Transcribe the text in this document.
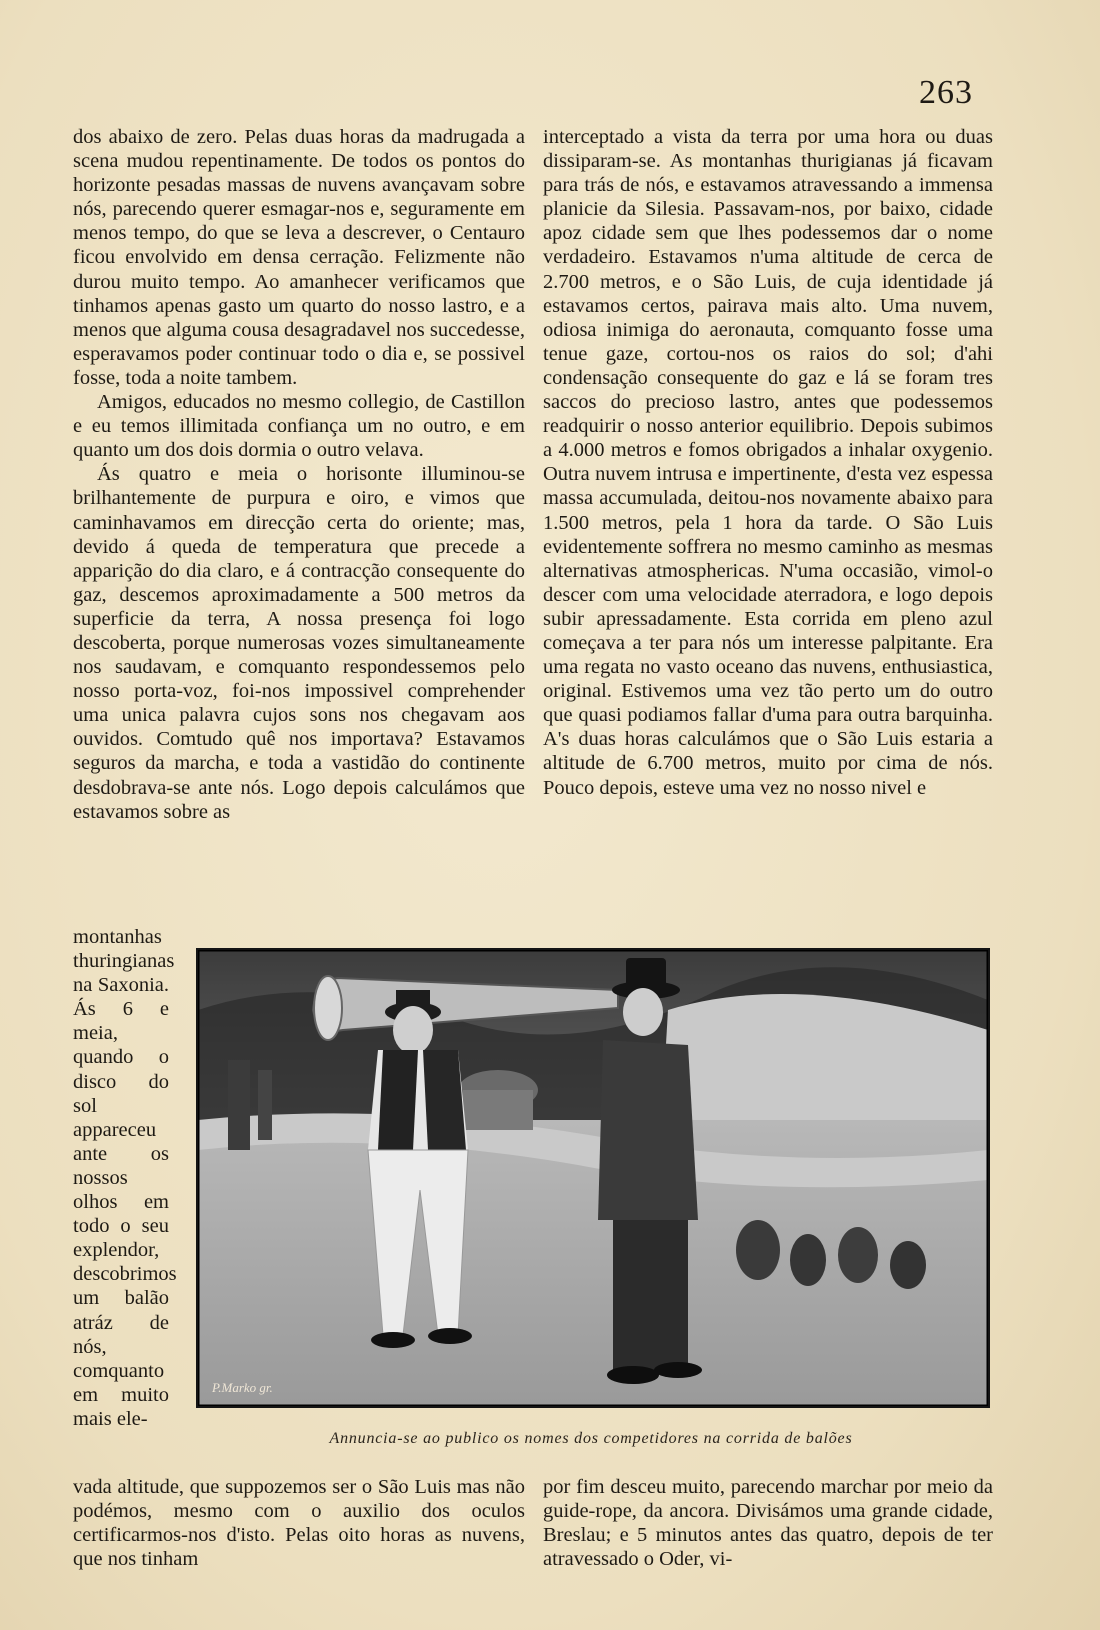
263

dos abaixo de zero. Pelas duas horas da madrugada a scena mudou repentinamente. De todos os pontos do horizonte pesadas massas de nuvens avançavam sobre nós, parecendo querer esmagar-nos e, seguramente em menos tempo, do que se leva a descrever, o Centauro ficou envolvido em densa cerração. Felizmente não durou muito tempo. Ao amanhecer verificamos que tinhamos apenas gasto um quarto do nosso lastro, e a menos que alguma cousa desagradavel nos succedesse, esperavamos poder continuar todo o dia e, se possivel fosse, toda a noite tambem.

Amigos, educados no mesmo collegio, de Castillon e eu temos illimitada confiança um no outro, e em quanto um dos dois dormia o outro velava.

Ás quatro e meia o horisonte illuminou-se brilhantemente de purpura e oiro, e vimos que caminhavamos em direcção certa do oriente; mas, devido á queda de temperatura que precede a apparição do dia claro, e á contracção consequente do gaz, descemos aproximadamente a 500 metros da superficie da terra, A nossa presença foi logo descoberta, porque numerosas vozes simultaneamente nos saudavam, e comquanto respondessemos pelo nosso porta-voz, foi-nos impossivel comprehender uma unica palavra cujos sons nos chegavam aos ouvidos. Comtudo quê nos importava? Estavamos seguros da marcha, e toda a vastidão do continente desdobrava-se ante nós. Logo depois calculámos que estavamos sobre as

montanhas thuringianas na Saxonia. Ás 6 e meia, quando o disco do sol appareceu ante os nossos olhos em todo o seu explendor, descobrimos um balão atráz de nós, comquanto em muito mais ele-

interceptado a vista da terra por uma hora ou duas dissiparam-se. As montanhas thurigianas já ficavam para trás de nós, e estavamos atravessando a immensa planicie da Silesia. Passavam-nos, por baixo, cidade apoz cidade sem que lhes podessemos dar o nome verdadeiro. Estavamos n'uma altitude de cerca de 2.700 metros, e o São Luis, de cuja identidade já estavamos certos, pairava mais alto. Uma nuvem, odiosa inimiga do aeronauta, comquanto fosse uma tenue gaze, cortou-nos os raios do sol; d'ahi condensação consequente do gaz e lá se foram tres saccos do precioso lastro, antes que podessemos readquirir o nosso anterior equilibrio. Depois subimos a 4.000 metros e fomos obrigados a inhalar oxygenio. Outra nuvem intrusa e impertinente, d'esta vez espessa massa accumulada, deitou-nos novamente abaixo para 1.500 metros, pela 1 hora da tarde. O São Luis evidentemente soffrera no mesmo caminho as mesmas alternativas atmosphericas. N'uma occasião, vimol-o descer com uma velocidade aterradora, e logo depois subir apressadamente. Esta corrida em pleno azul começava a ter para nós um interesse palpitante. Era uma regata no vasto oceano das nuvens, enthusiastica, original. Estivemos uma vez tão perto um do outro que quasi podiamos fallar d'uma para outra barquinha. A's duas horas calculámos que o São Luis estaria a altitude de 6.700 metros, muito por cima de nós. Pouco depois, esteve uma vez no nosso nivel e

P.Marko gr.
Annuncia-se ao publico os nomes dos competidores na corrida de balões
vada altitude, que suppozemos ser o São Luis mas não podémos, mesmo com o auxilio dos oculos certificarmos-nos d'isto. Pelas oito horas as nuvens, que nos tinham
por fim desceu muito, parecendo marchar por meio da guide-rope, da ancora. Divisámos uma grande cidade, Breslau; e 5 minutos antes das quatro, depois de ter atravessado o Oder, vi-
